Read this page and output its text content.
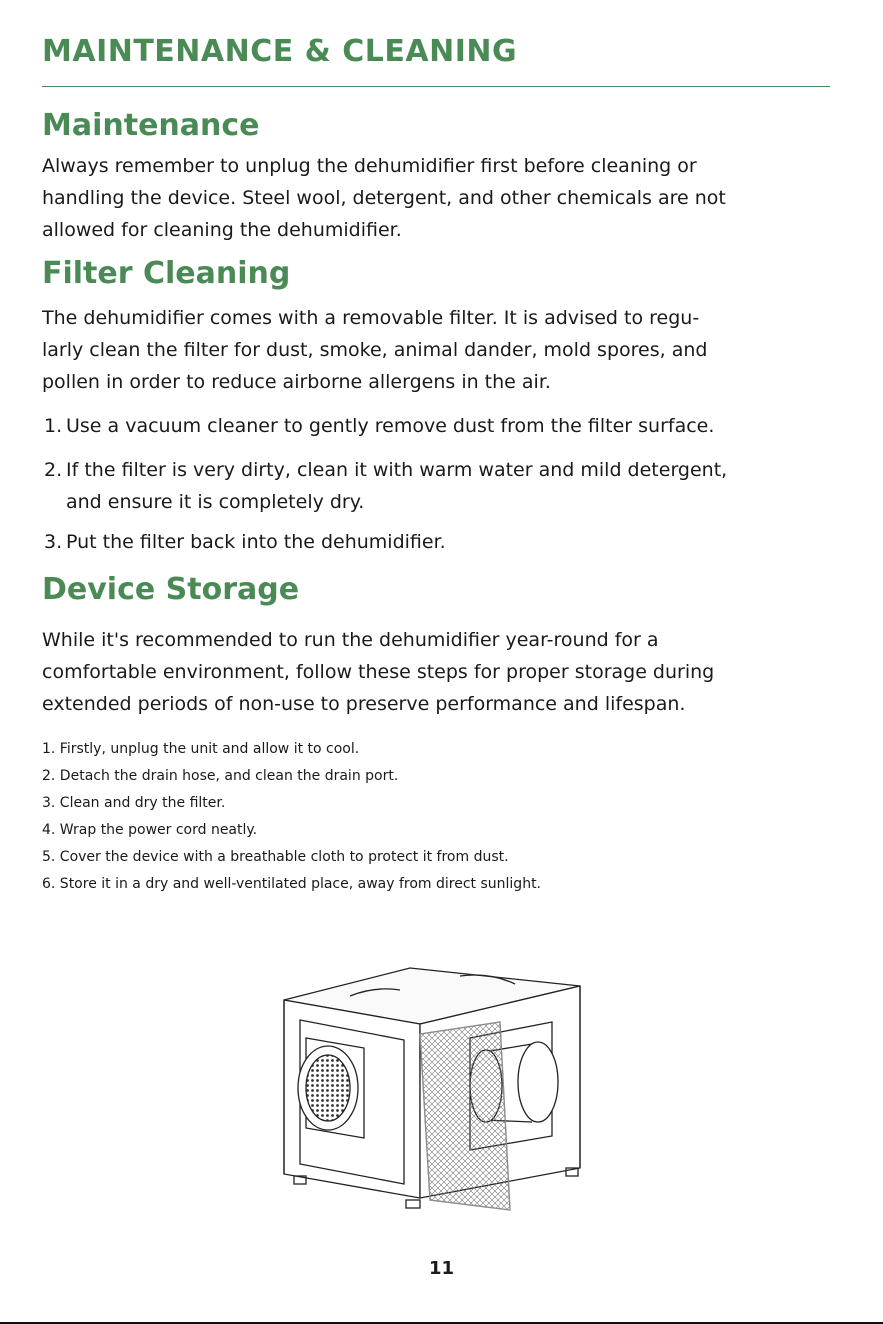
MAINTENANCE & CLEANING
Maintenance

Always remember to unplug the dehumidifier first before cleaning or
handling the device. Steel wool, detergent, and other chemicals are not
allowed for cleaning the dehumidifier.

Filter Cleaning

The dehumidifier comes with a removable filter. It is advised to regu-
larly clean the filter for dust, smoke, animal dander, mold spores, and
pollen in order to reduce airborne allergens in the air.

1. Use a vacuum cleaner to gently remove dust from the filter surface.

2. If the filter is very dirty, clean it with warm water and mild detergent,
and ensure it is completely dry.

3. Put the filter back into the dehumidifier.

Device Storage

While it's recommended to run the dehumidifier year-round for a
comfortable environment, follow these steps for proper storage during
extended periods of non-use to preserve performance and lifespan.

1. Firstly, unplug the unit and allow it to cool.
2. Detach the drain hose, and clean the drain port.
3. Clean and dry the filter.
4. Wrap the power cord neatly.
5. Cover the device with a breathable cloth to protect it from dust.
6. Store it in a dry and well-ventilated place, away from direct sunlight.
11
